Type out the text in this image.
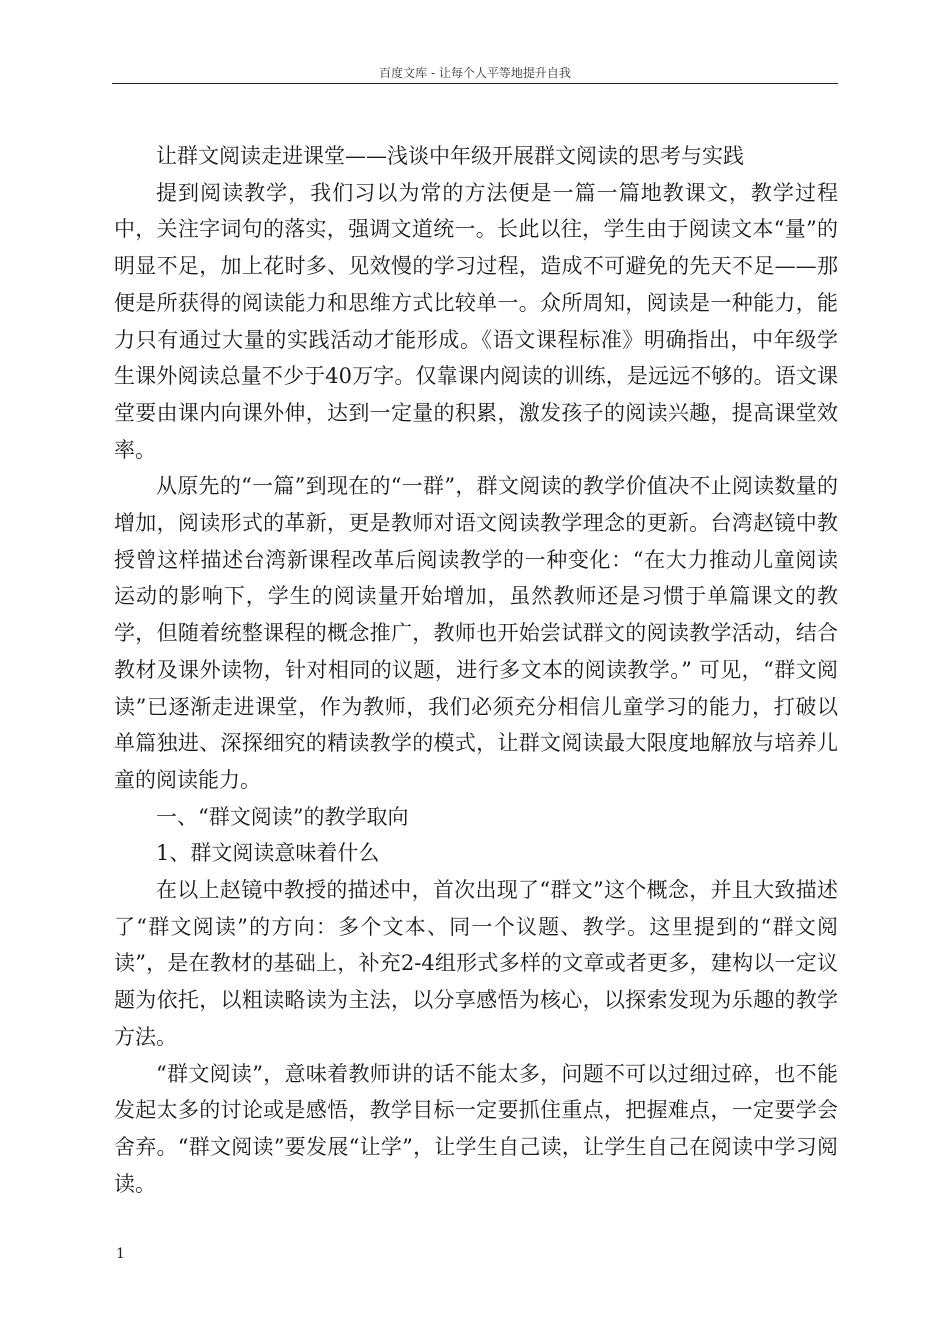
百度文库 - 让每个人平等地提升自我

让群文阅读走进课堂——浅谈中年级开展群文阅读的思考与实践

提到阅读教学，我们习以为常的方法便是一篇一篇地教课文，教学过程中，关注字词句的落实，强调文道统一。长此以往，学生由于阅读文本“量”的明显不足，加上花时多、见效慢的学习过程，造成不可避免的先天不足——那便是所获得的阅读能力和思维方式比较单一。众所周知，阅读是一种能力，能力只有通过大量的实践活动才能形成。《语文课程标准》明确指出，中年级学生课外阅读总量不少于40万字。仅靠课内阅读的训练，是远远不够的。语文课堂要由课内向课外伸，达到一定量的积累，激发孩子的阅读兴趣，提高课堂效率。

从原先的“一篇”到现在的“一群”，群文阅读的教学价值决不止阅读数量的增加，阅读形式的革新，更是教师对语文阅读教学理念的更新。台湾赵镜中教授曾这样描述台湾新课程改革后阅读教学的一种变化：“在大力推动儿童阅读运动的影响下，学生的阅读量开始增加，虽然教师还是习惯于单篇课文的教学，但随着统整课程的概念推广，教师也开始尝试群文的阅读教学活动，结合教材及课外读物，针对相同的议题，进行多文本的阅读教学。” 可见，“群文阅读”已逐渐走进课堂，作为教师，我们必须充分相信儿童学习的能力，打破以单篇独进、深探细究的精读教学的模式，让群文阅读最大限度地解放与培养儿童的阅读能力。

一、“群文阅读”的教学取向

1、群文阅读意味着什么

在以上赵镜中教授的描述中，首次出现了“群文”这个概念，并且大致描述了“群文阅读”的方向：多个文本、同一个议题、教学。这里提到的“群文阅读”，是在教材的基础上，补充2-4组形式多样的文章或者更多，建构以一定议题为依托，以粗读略读为主法，以分享感悟为核心，以探索发现为乐趣的教学方法。

“群文阅读”，意味着教师讲的话不能太多，问题不可以过细过碎，也不能发起太多的讨论或是感悟，教学目标一定要抓住重点，把握难点，一定要学会舍弃。“群文阅读”要发展“让学”，让学生自己读，让学生自己在阅读中学习阅读。

1
